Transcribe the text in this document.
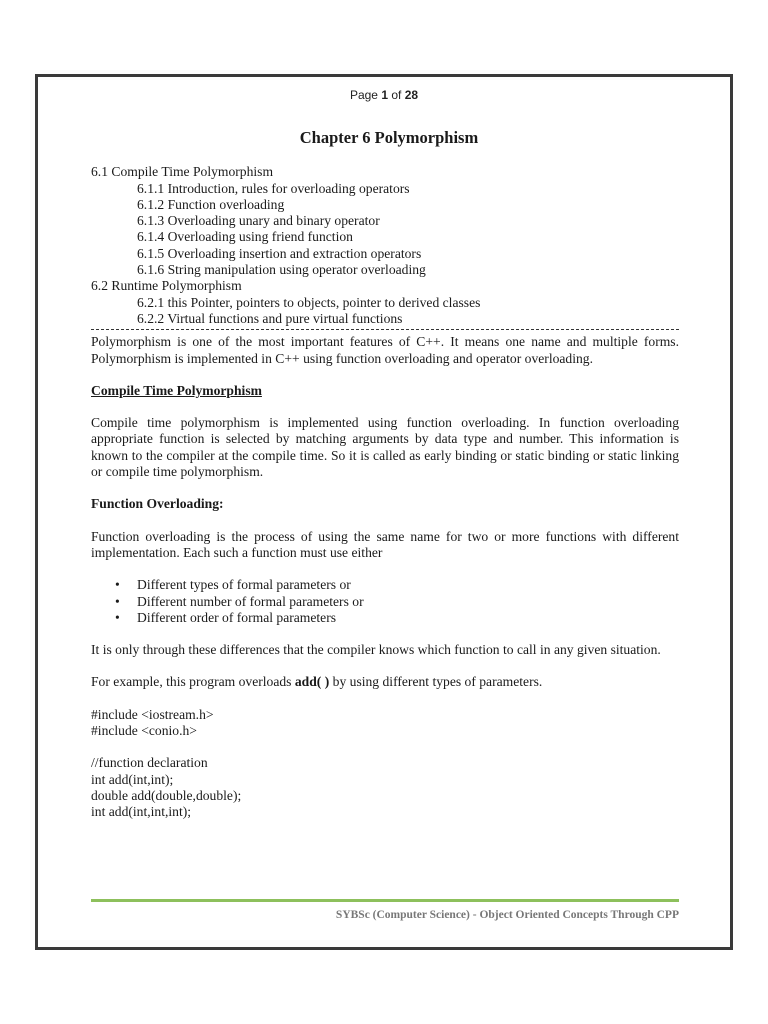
Page 1 of 28
Chapter 6 Polymorphism
6.1 Compile Time Polymorphism
6.1.1 Introduction, rules for overloading operators
6.1.2 Function overloading
6.1.3 Overloading unary and binary operator
6.1.4 Overloading using friend function
6.1.5 Overloading insertion and extraction operators
6.1.6 String manipulation using operator overloading
6.2 Runtime Polymorphism
6.2.1 this Pointer, pointers to objects, pointer to derived classes
6.2.2 Virtual functions and pure virtual functions

Polymorphism is one of the most important features of C++. It means one name and multiple forms. Polymorphism is implemented in C++ using function overloading and operator overloading.

Compile Time Polymorphism

Compile time polymorphism is implemented using function overloading. In function overloading appropriate function is selected by matching arguments by data type and number. This information is known to the compiler at the compile time. So it is called as early binding or static binding or static linking or compile time polymorphism.

Function Overloading:

Function overloading is the process of using the same name for two or more functions with different implementation. Each such a function must use either

• Different types of formal parameters or
• Different number of formal parameters or
• Different order of formal parameters

It is only through these differences that the compiler knows which function to call in any given situation.

For example, this program overloads add( ) by using different types of parameters.

#include <iostream.h>
#include <conio.h>
//function declaration
int add(int,int);
double add(double,double);
int add(int,int,int);
SYBSc (Computer Science) - Object Oriented Concepts Through CPP
